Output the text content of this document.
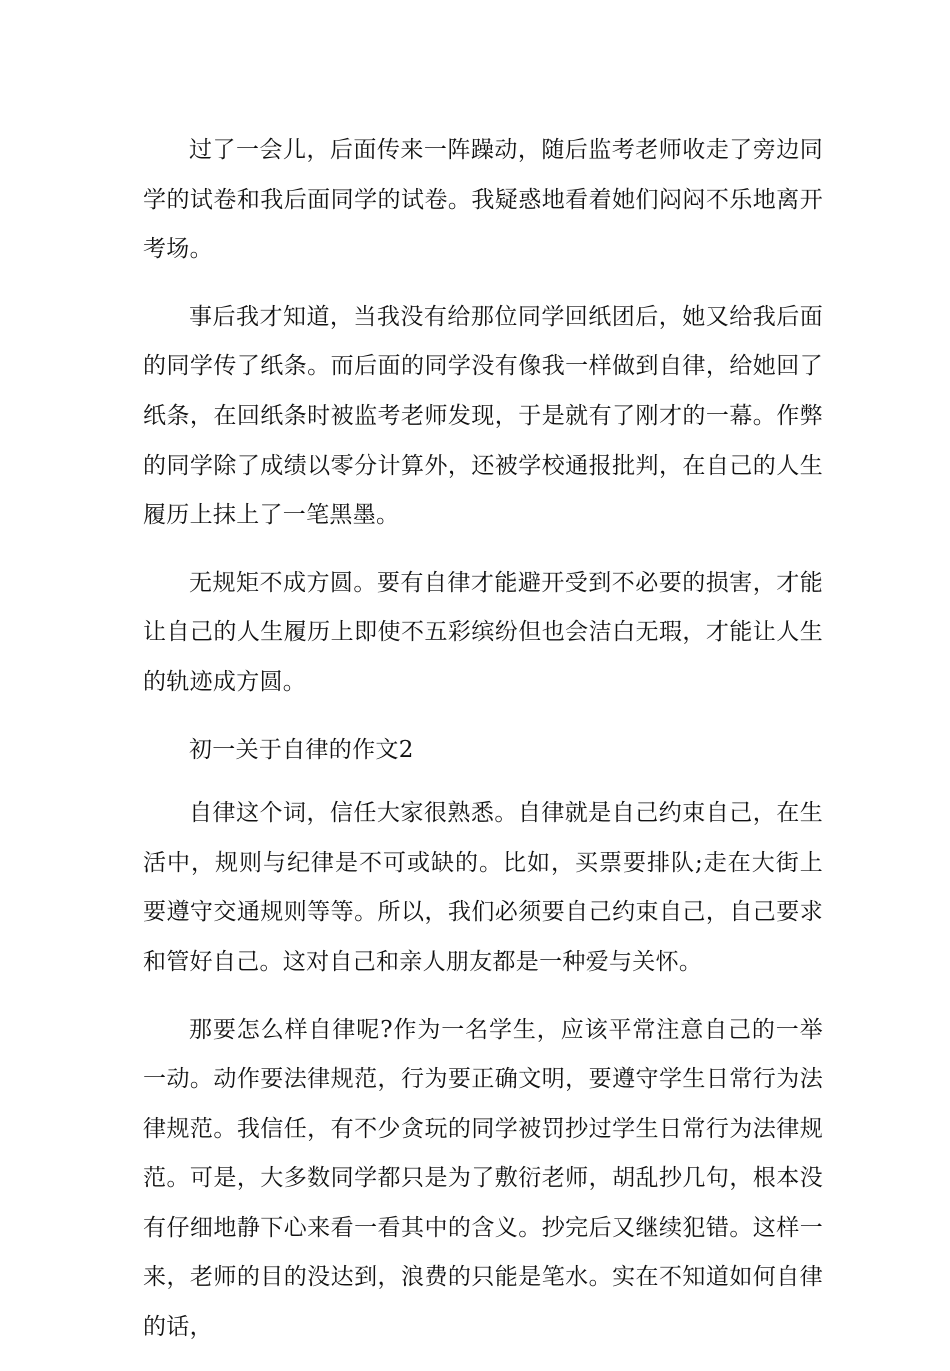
过了一会儿，后面传来一阵躁动，随后监考老师收走了旁边同学的试卷和我后面同学的试卷。我疑惑地看着她们闷闷不乐地离开考场。

事后我才知道，当我没有给那位同学回纸团后，她又给我后面的同学传了纸条。而后面的同学没有像我一样做到自律，给她回了纸条，在回纸条时被监考老师发现，于是就有了刚才的一幕。作弊的同学除了成绩以零分计算外，还被学校通报批判，在自己的人生履历上抹上了一笔黑墨。

无规矩不成方圆。要有自律才能避开受到不必要的损害，才能让自己的人生履历上即使不五彩缤纷但也会洁白无瑕，才能让人生的轨迹成方圆。

初一关于自律的作文2

自律这个词，信任大家很熟悉。自律就是自己约束自己，在生活中，规则与纪律是不可或缺的。比如，买票要排队;走在大街上要遵守交通规则等等。所以，我们必须要自己约束自己，自己要求和管好自己。这对自己和亲人朋友都是一种爱与关怀。

那要怎么样自律呢?作为一名学生，应该平常注意自己的一举一动。动作要法律规范，行为要正确文明，要遵守学生日常行为法律规范。我信任，有不少贪玩的同学被罚抄过学生日常行为法律规范。可是，大多数同学都只是为了敷衍老师，胡乱抄几句，根本没有仔细地静下心来看一看其中的含义。抄完后又继续犯错。这样一来，老师的目的没达到，浪费的只能是笔水。实在不知道如何自律的话，
